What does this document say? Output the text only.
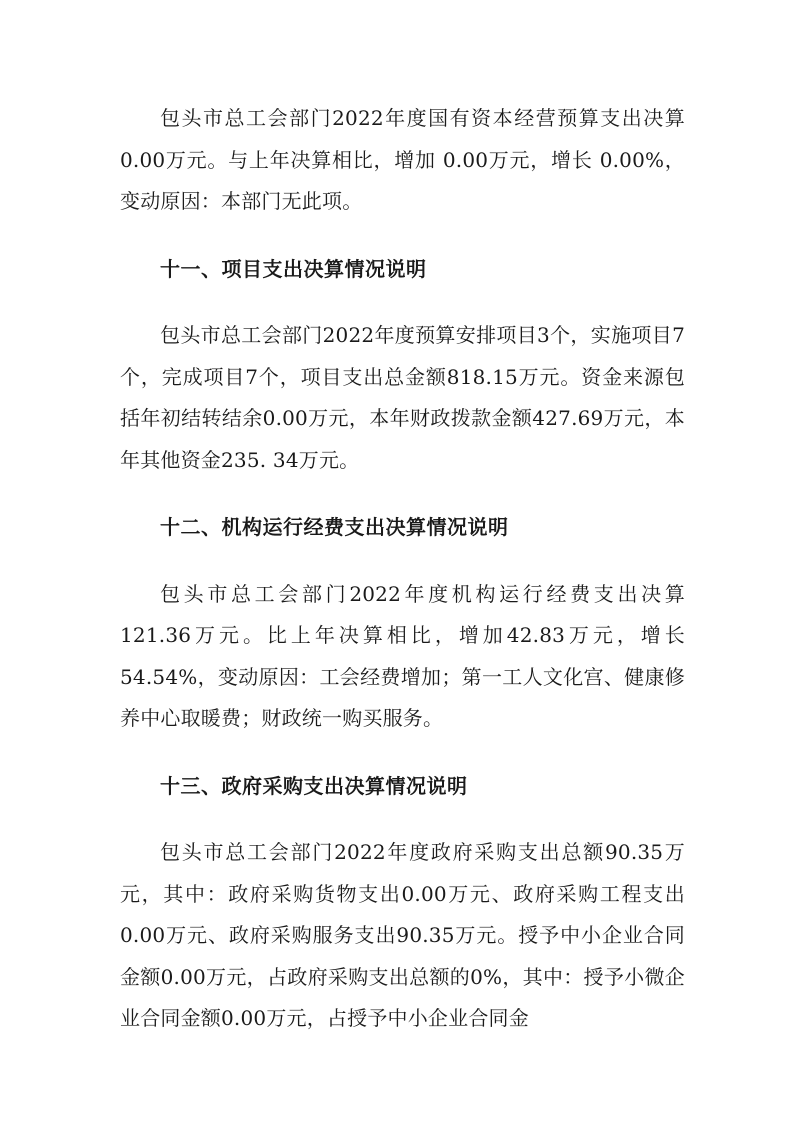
包头市总工会部门2022年度国有资本经营预算支出决算 0.00万元。与上年决算相比，增加 0.00万元，增长 0.00%，变动原因：本部门无此项。

十一、项目支出决算情况说明

包头市总工会部门2022年度预算安排项目3个，实施项目7个，完成项目7个，项目支出总金额818.15万元。资金来源包括年初结转结余0.00万元，本年财政拨款金额427.69万元，本年其他资金235. 34万元。

十二、机构运行经费支出决算情况说明

包头市总工会部门2022年度机构运行经费支出决算121.36万元。比上年决算相比，增加42.83万元，增长54.54%，变动原因：工会经费增加；第一工人文化宫、健康修养中心取暖费；财政统一购买服务。

十三、政府采购支出决算情况说明

包头市总工会部门2022年度政府采购支出总额90.35万元，其中：政府采购货物支出0.00万元、政府采购工程支出0.00万元、政府采购服务支出90.35万元。授予中小企业合同金额0.00万元，占政府采购支出总额的0%，其中：授予小微企业合同金额0.00万元，占授予中小企业合同金
